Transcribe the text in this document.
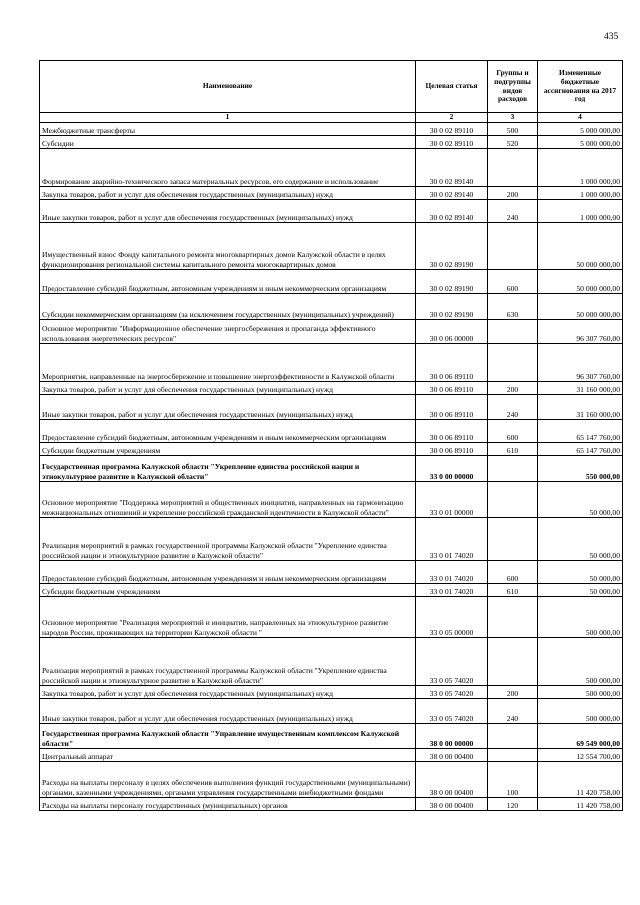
435
Наименование	Целевая статья	Группы и подгруппы видов расходов	Измененные бюджетные ассигнования на 2017 год
1	2	3	4
Межбюджетные трансферты	30 0 02 89110	500	5 000 000,00
Субсидии	30 0 02 89110	520	5 000 000,00
Формирование аварийно-технического запаса материальных ресурсов, его содержание и использование	30 0 02 89140		1 000 000,00
Закупка товаров, работ и услуг для обеспечения государственных (муниципальных) нужд	30 0 02 89140	200	1 000 000,00
Иные закупки товаров, работ и услуг для обеспечения государственных (муниципальных) нужд	30 0 02 89140	240	1 000 000,00
Имущественный взнос Фонду капитального ремонта многоквартирных домов Калужской области в целях функционирования региональной системы капитального ремонта многоквартирных домов	30 0 02 89190		50 000 000,00
Предоставление субсидий бюджетным, автономным учреждениям и иным некоммерческим организациям	30 0 02 89190	600	50 000 000,00
Субсидии некоммерческим организациям (за исключением государственных (муниципальных) учреждений)	30 0 02 89190	630	50 000 000,00
Основное мероприятие "Информационное обеспечение энергосбережения и пропаганда эффективного использования энергетических ресурсов"	30 0 06 00000		96 307 760,00
Мероприятия, направленные на энергосбережение и повышение энергоэффективности в Калужской области	30 0 06 89110		96 307 760,00
Закупка товаров, работ и услуг для обеспечения государственных (муниципальных) нужд	30 0 06 89110	200	31 160 000,00
Иные закупки товаров, работ и услуг для обеспечения государственных (муниципальных) нужд	30 0 06 89110	240	31 160 000,00
Предоставление субсидий бюджетным, автономным учреждениям и иным некоммерческим организациям	30 0 06 89110	600	65 147 760,00
Субсидии бюджетным учреждениям	30 0 06 89110	610	65 147 760,00
Государственная программа Калужской области "Укрепление единства российской нации и этнокультурное развитие в Калужской области"	33 0 00 00000		550 000,00
Основное мероприятие "Поддержка мероприятий и общественных инициатив, направленных на гармонизацию межнациональных отношений и укрепление российской гражданской идентичности в Калужской области"	33 0 01 00000		50 000,00
Реализация мероприятий в рамках государственной программы Калужской области "Укрепление единства российской нации и этнокультурное развитие в Калужской области"	33 0 01 74020		50 000,00
Предоставление субсидий бюджетным, автономным учреждениям и иным некоммерческим организациям	33 0 01 74020	600	50 000,00
Субсидии бюджетным учреждениям	33 0 01 74020	610	50 000,00
Основное мероприятие "Реализация мероприятий и инициатив, направленных на этнокультурное развитие народов России, проживающих на территории Калужской области "	33 0 05 00000		500 000,00
Реализация мероприятий в рамках государственной программы Калужской области "Укрепление единства российской нации и этнокультурное развитие в Калужской области"	33 0 05 74020		500 000,00
Закупка товаров, работ и услуг для обеспечения государственных (муниципальных) нужд	33 0 05 74020	200	500 000,00
Иные закупки товаров, работ и услуг для обеспечения государственных (муниципальных) нужд	33 0 05 74020	240	500 000,00
Государственная программа Калужской области "Управление имущественным комплексом Калужской области"	38 0 00 00000		69 549 000,00
Центральный аппарат	38 0 00 00400		12 554 700,00
Расходы на выплаты персоналу в целях обеспечения выполнения функций государственными (муниципальными) органами, казенными учреждениями, органами управления государственными внебюджетными фондами	38 0 00 00400	100	11 420 758,00
Расходы на выплаты персоналу государственных (муниципальных) органов	38 0 00 00400	120	11 420 758,00
